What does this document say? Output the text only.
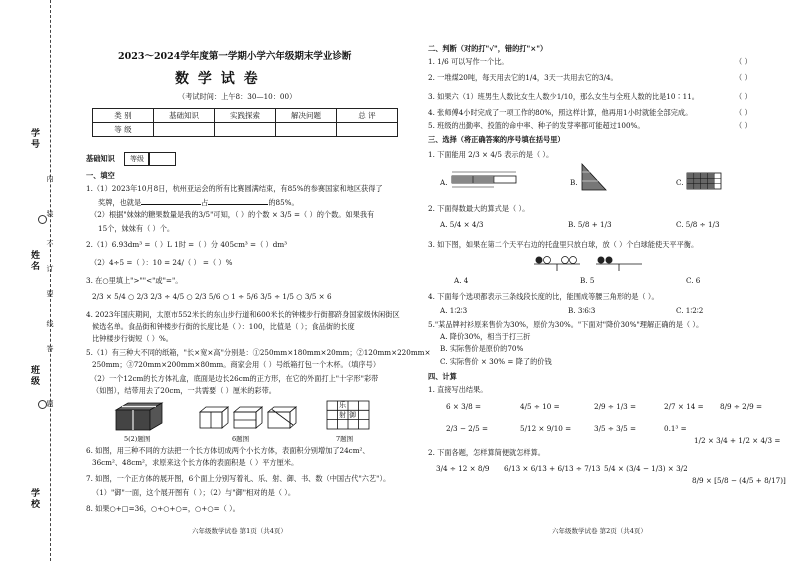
学号
姓名
班级
学校
装
订
线
内
不
要
答
题
2023～2024学年度第一学期小学六年级期末学业诊断
数 学 试 卷
（考试时间：上午8：30—10：00）
类 别	基础知识	实践探索	解决问题	总 评
等 级				
基础知识	等级
一、填空
1.（1）2023年10月8日，杭州亚运会的所有比赛圆满结束，有85%的参赛国家和地区获得了
奖牌，也就是	占	的85%。
（2）根据"妹妹的糖果数量是我的3/5"可知，（ ）的个数 × 3/5 =（ ）的个数。如果我有
15个，妹妹有（ ）个。
2.（1）6.93dm³ =（ ）L 1时 =（ ）分 405cm³ =（ ）dm³
（2）4÷5 =（ ）：10 = 24/（ ） =（ ）%
3. 在○里填上">""<"或"="。
2/3 × 5/4 ○ 2/3 2/3 ÷ 4/5 ○ 2/3 5/6 ○ 1 ÷ 5/6 3/5 ÷ 1/5 ○ 3/5 × 6
4. 2023年国庆期间，太原市552米长的东山步行道和600米长的钟楼步行街都跻身国家级休闲街区
候选名单。食品街和钟楼步行街的长度比是（ ）：100，比值是（ ）；食品街的长度
比钟楼步行街短（ ）%。
5.（1）有三种大不同的纸箱，"长×宽×高"分别是：①250mm×180mm×20mm；②120mm×220mm×
250mm；③720mm×200mm×80mm。商家会用（ ）号纸箱打包一个木杯。（填序号）
（2）一个12cm的长方体礼盒，底面是边长26cm的正方形，在它的外面打上"十字形"彩带
（如图），结带用去了20cm，一共需要（ ）厘米的彩带。
乐
射 御
5(2)题图	6题图	7题图
6. 如图，用三种不同的方法把一个长方体切成两个小长方体，表面积分别增加了24cm²、
36cm²、48cm²，求原来这个长方体的表面积是（ ）平方厘米。
7. 如图，一个正方体的展开图，6个面上分别写着礼、乐、射、御、书、数（中国古代"六艺"）。
（1）"御"一面，这个展开图有（ ）；（2）与"御"相对的是（ ）。
8. 如果○+□=36，○+○+○=，○+○=（ ）。
六年级数学试卷 第1页（共4页）
二、判断（对的打"√"，错的打"×"）
1. 1/6 可以写作一个比。
2. 一堆煤20吨，每天用去它的1/4，3天一共用去它的3/4。
3. 如果六（1）班男生人数比女生人数少1/10，那么女生与全班人数的比是10∶11。
4. 张师傅4小时完成了一项工作的80%，照这样计算，他再用1小时就能全部完成。
5. 班级的出勤率、投篮的命中率、种子的发芽率都可能超过100%。
（ ）
（ ）
（ ）
（ ）
（ ）
三、选择（将正确答案的序号填在括号里）
1. 下面能用 2/3 × 4/5 表示的是（ ）。
A.	B.	C.
2. 下面得数最大的算式是（ ）。
A. 5/4 × 4/3	B. 5/8 + 1/3	C. 5/8 ÷ 1/3
3. 如下图，如果在第二个天平右边的托盘里只放白球，放（ ）个白球能使天平平衡。
A. 4	B. 5	C. 6
4. 下面每个选项都表示三条线段长度的比，能围成等腰三角形的是（ ）。
A. 1∶2∶3	B. 3∶6∶3	C. 1∶2∶2
5."某品牌衬衫原来售价为30%，原价为30%。"下面对"降价30%"理解正确的是（ ）。
A. 降价30%，相当于打三折
B. 实际售价是原价的70%
C. 实际售价 × 30% = 降了的价钱
四、计算
1. 直接写出结果。
6 × 3/8 =	4/5 ÷ 10 =	2/9 ÷ 1/3 =	2/7 × 14 = 8/9 ÷ 2/9 =
2/3 − 2/5 =	5/12 × 9/10 =	3/5 ÷ 3/5 =	0.1³ =
1/2 × 3/4 + 1/2 × 4/3 =
2. 下面各题，怎样算简便就怎样算。
3/4 ÷ 12 × 8/9 6/13 × 6/13 + 6/13 ÷ 7/13 5/4 × (3/4 − 1/3) × 3/2
8/9 × [5/8 − (4/5 + 8/17)]
六年级数学试卷 第2页（共4页）
